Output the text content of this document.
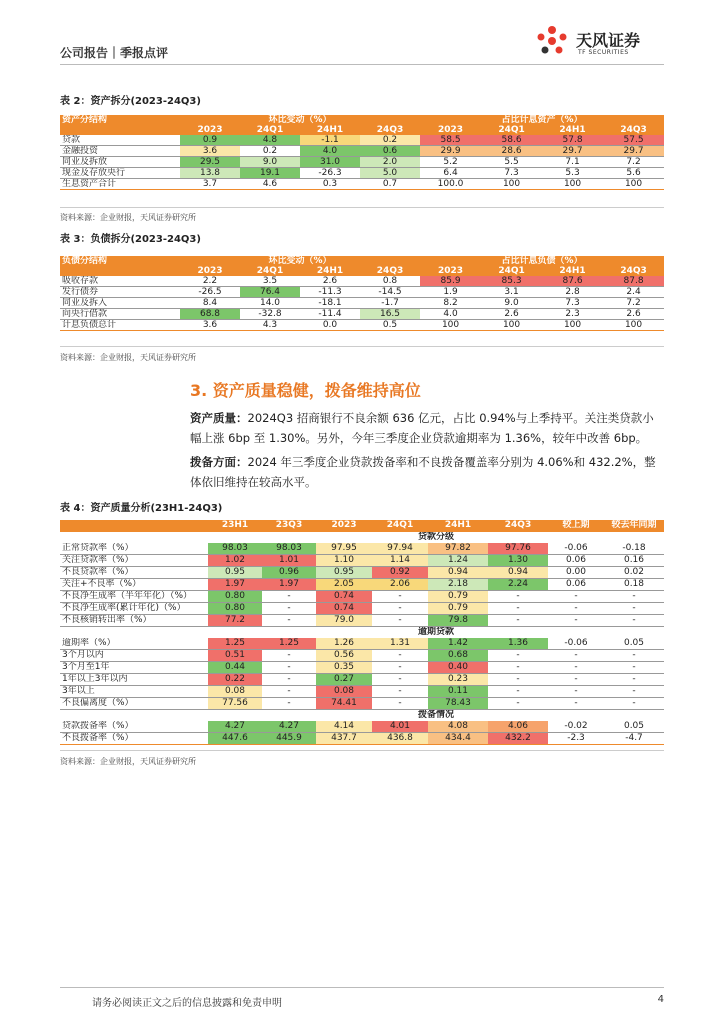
公司报告｜季报点评
天风证券
TF SECURITIES
表 2：资产拆分(2023-24Q3)
资产分结构	环比变动（%）				占比计息资产（%）			
	2023	24Q1	24H1	24Q3	2023	24Q1	24H1	24Q3
贷款	0.9	4.8	-1.1	0.2	58.5	58.6	57.8	57.5
金融投资	3.6	0.2	4.0	0.6	29.9	28.6	29.7	29.7
同业及拆放	29.5	9.0	31.0	2.0	5.2	5.5	7.1	7.2
现金及存放央行	13.8	19.1	-26.3	5.0	6.4	7.3	5.3	5.6
生息资产合计	3.7	4.6	0.3	0.7	100.0	100	100	100
资料来源：企业财报，天风证券研究所
表 3：负债拆分(2023-24Q3)
负债分结构	环比变动（%）				占比计息负债（%）			
	2023	24Q1	24H1	24Q3	2023	24Q1	24H1	24Q3
吸收存款	2.2	3.5	2.6	0.8	85.9	85.3	87.6	87.8
发行债券	-26.5	76.4	-11.3	-14.5	1.9	3.1	2.8	2.4
同业及拆入	8.4	14.0	-18.1	-1.7	8.2	9.0	7.3	7.2
向央行借款	68.8	-32.8	-11.4	16.5	4.0	2.6	2.3	2.6
计息负债总计	3.6	4.3	0.0	0.5	100	100	100	100
资料来源：企业财报，天风证券研究所
3. 资产质量稳健，拨备维持高位
资产质量：2024Q3 招商银行不良余额 636 亿元，占比 0.94%与上季持平。关注类贷款小幅上涨 6bp 至 1.30%。另外，今年三季度企业贷款逾期率为 1.36%，较年中改善 6bp。
拨备方面：2024 年三季度企业贷款拨备率和不良拨备覆盖率分别为 4.06%和 432.2%，整体依旧维持在较高水平。
表 4：资产质量分析(23H1-24Q3)
	23H1	23Q3	2023	24Q1	24H1	24Q3	较上期	较去年同期
	贷款分级							
正常贷款率（%）	98.03	98.03	97.95	97.94	97.82	97.76	-0.06	-0.18
关注贷款率（%）	1.02	1.01	1.10	1.14	1.24	1.30	0.06	0.16
不良贷款率（%）	0.95	0.96	0.95	0.92	0.94	0.94	0.00	0.02
关注+不良率（%）	1.97	1.97	2.05	2.06	2.18	2.24	0.06	0.18
不良净生成率（半年年化）（%）	0.80	-	0.74	-	0.79	-	-	-
不良净生成率(累计年化)（%）	0.80	-	0.74	-	0.79	-	-	-
不良核销转出率（%）	77.2	-	79.0	-	79.8	-	-	-
	逾期贷款							
逾期率（%）	1.25	1.25	1.26	1.31	1.42	1.36	-0.06	0.05
3个月以内	0.51	-	0.56	-	0.68	-	-	-
3个月至1年	0.44	-	0.35	-	0.40	-	-	-
1年以上3年以内	0.22	-	0.27	-	0.23	-	-	-
3年以上	0.08	-	0.08	-	0.11	-	-	-
不良偏离度（%）	77.56	-	74.41	-	78.43	-	-	-
	拨备情况							
贷款拨备率（%）	4.27	4.27	4.14	4.01	4.08	4.06	-0.02	0.05
不良拨备率（%）	447.6	445.9	437.7	436.8	434.4	432.2	-2.3	-4.7
资料来源：企业财报，天风证券研究所
请务必阅读正文之后的信息披露和免责申明	4
